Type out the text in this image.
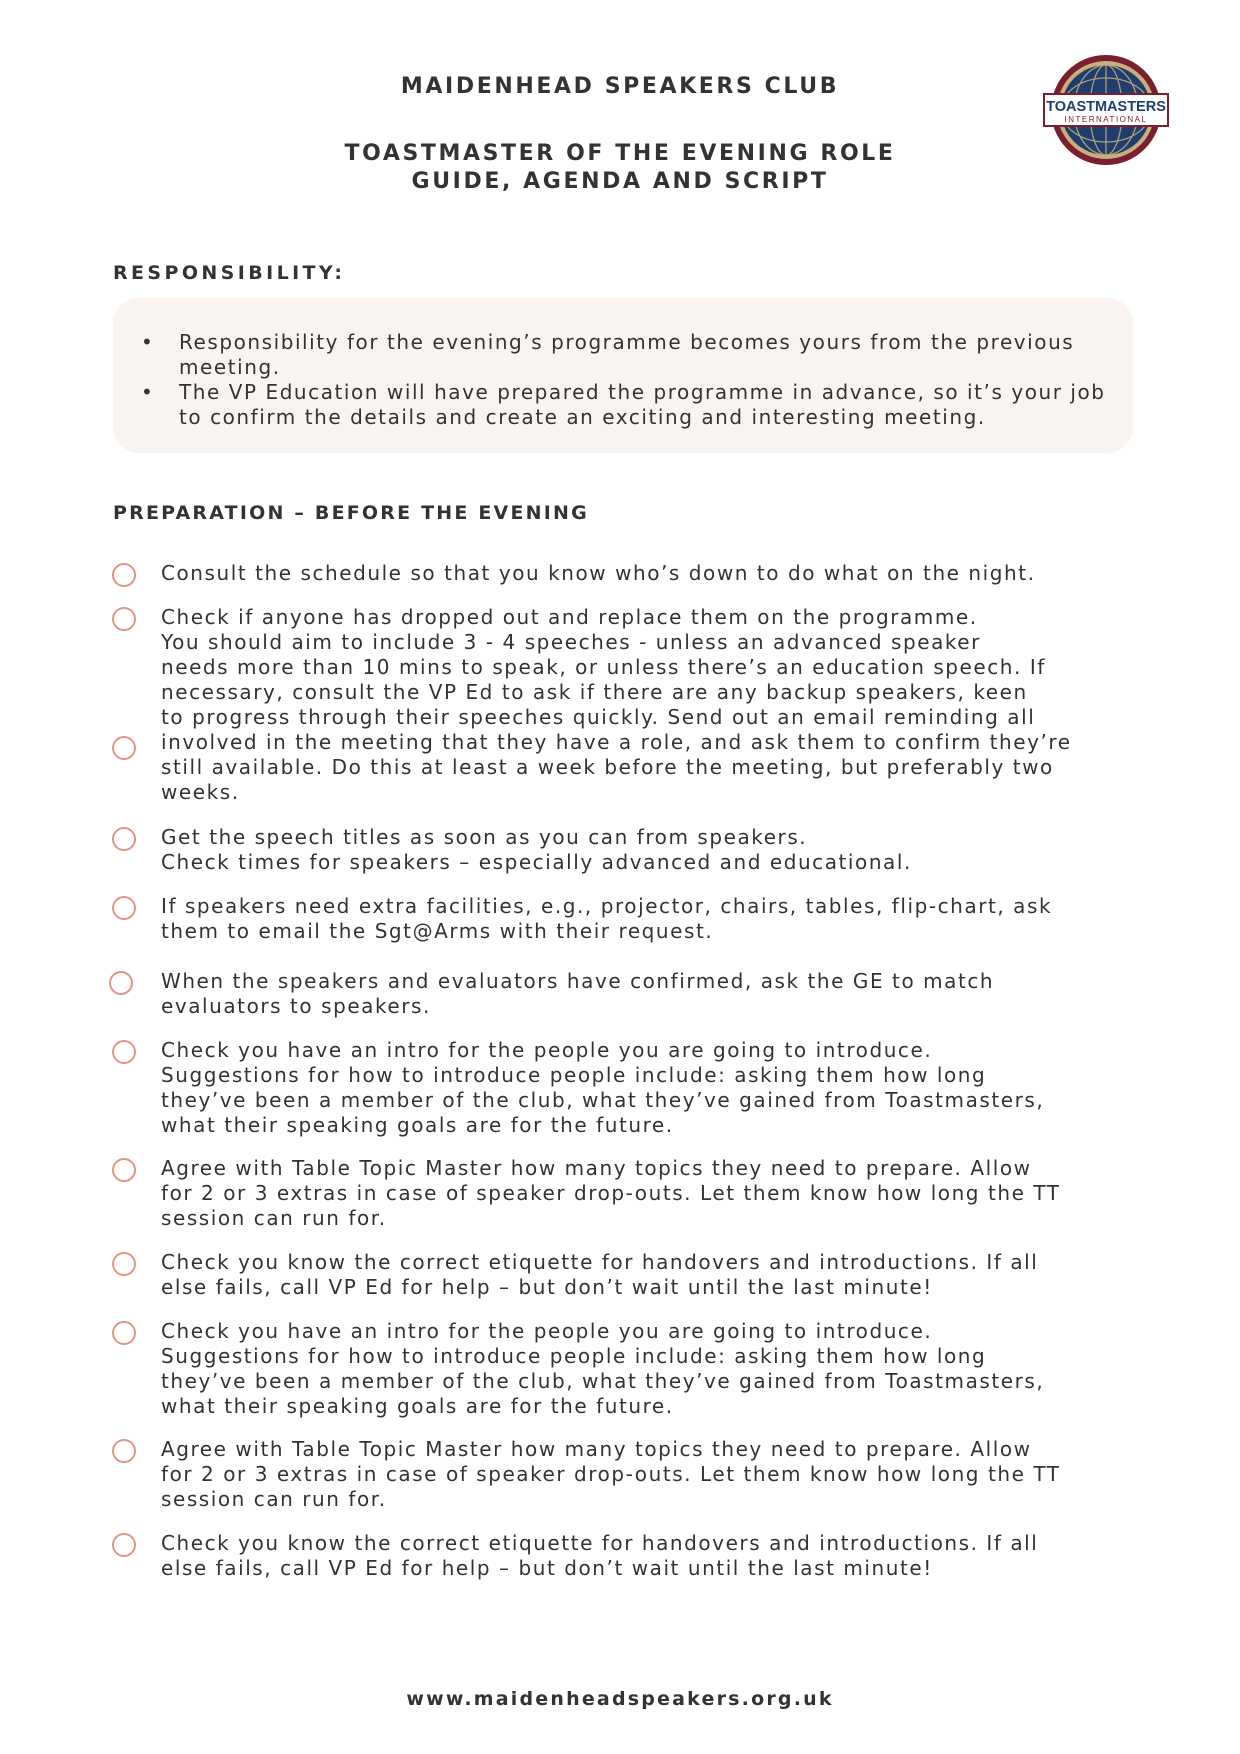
MAIDENHEAD SPEAKERS CLUB
TOASTMASTER OF THE EVENING ROLE
GUIDE, AGENDA AND SCRIPT
TOASTMASTERS
INTERNATIONAL
RESPONSIBILITY:
• Responsibility for the evening’s programme becomes yours from the previous meeting.
• The VP Education will have prepared the programme in advance, so it’s your job to confirm the details and create an exciting and interesting meeting.
PREPARATION – BEFORE THE EVENING
Consult the schedule so that you know who’s down to do what on the night.
Check if anyone has dropped out and replace them on the programme.
You should aim to include 3 - 4 speeches - unless an advanced speaker
needs more than 10 mins to speak, or unless there’s an education speech. If
necessary, consult the VP Ed to ask if there are any backup speakers, keen
to progress through their speeches quickly. Send out an email reminding all
involved in the meeting that they have a role, and ask them to confirm they’re
still available. Do this at least a week before the meeting, but preferably two
weeks.
Get the speech titles as soon as you can from speakers.
Check times for speakers – especially advanced and educational.
If speakers need extra facilities, e.g., projector, chairs, tables, flip-chart, ask
them to email the Sgt@Arms with their request.
When the speakers and evaluators have confirmed, ask the GE to match
evaluators to speakers.
Check you have an intro for the people you are going to introduce.
Suggestions for how to introduce people include: asking them how long
they’ve been a member of the club, what they’ve gained from Toastmasters,
what their speaking goals are for the future.
Agree with Table Topic Master how many topics they need to prepare. Allow
for 2 or 3 extras in case of speaker drop-outs. Let them know how long the TT
session can run for.
Check you know the correct etiquette for handovers and introductions. If all
else fails, call VP Ed for help – but don’t wait until the last minute!
Check you have an intro for the people you are going to introduce.
Suggestions for how to introduce people include: asking them how long
they’ve been a member of the club, what they’ve gained from Toastmasters,
what their speaking goals are for the future.
Agree with Table Topic Master how many topics they need to prepare. Allow
for 2 or 3 extras in case of speaker drop-outs. Let them know how long the TT
session can run for.
Check you know the correct etiquette for handovers and introductions. If all
else fails, call VP Ed for help – but don’t wait until the last minute!
www.maidenheadspeakers.org.uk
